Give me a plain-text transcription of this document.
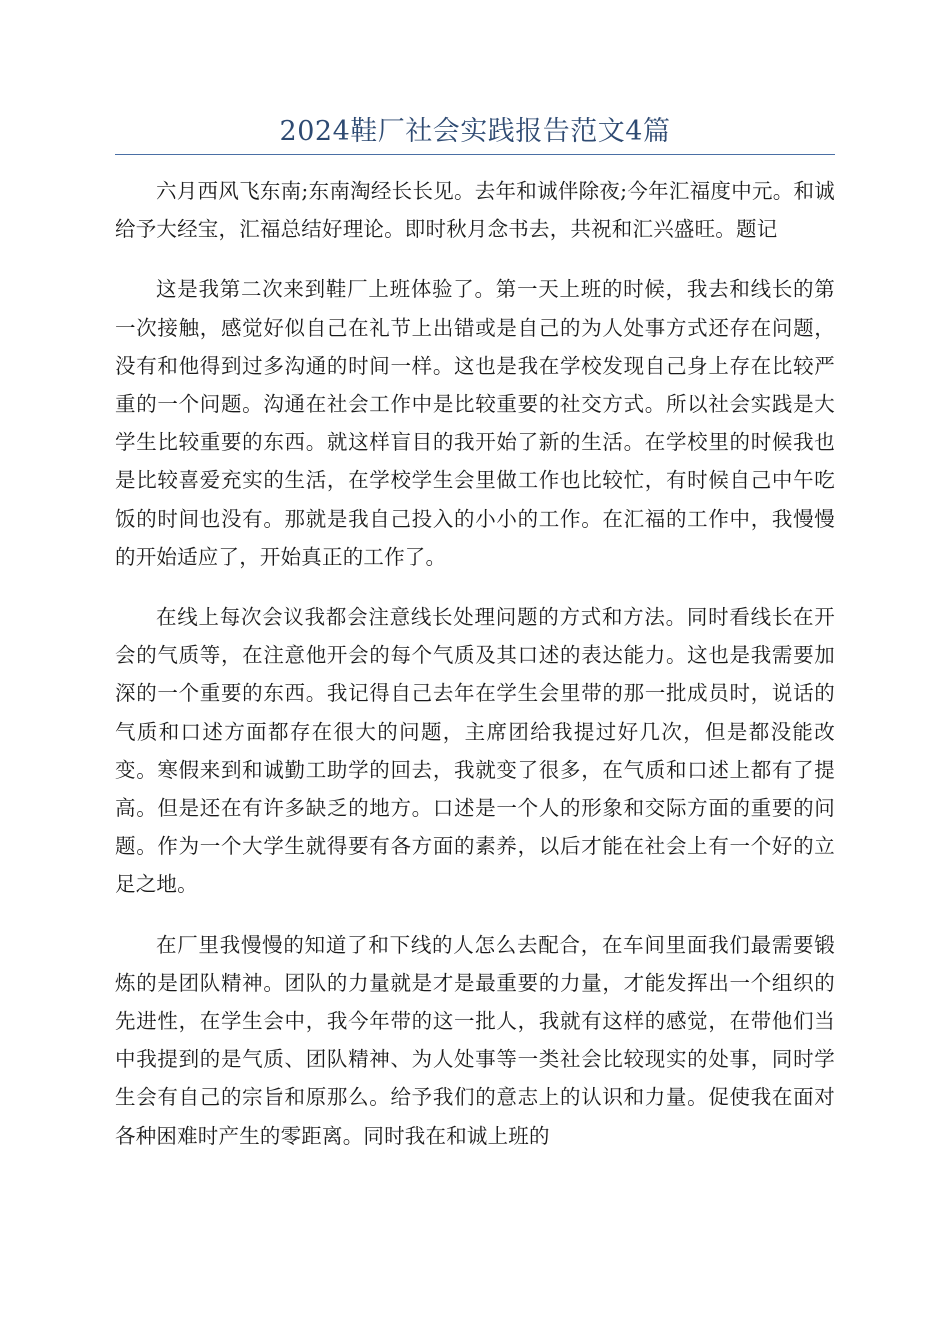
2024鞋厂社会实践报告范文4篇

六月西风飞东南;东南淘经长长见。去年和诚伴除夜;今年汇福度中元。和诚给予大经宝，汇福总结好理论。即时秋月念书去，共祝和汇兴盛旺。题记

这是我第二次来到鞋厂上班体验了。第一天上班的时候，我去和线长的第一次接触，感觉好似自己在礼节上出错或是自己的为人处事方式还存在问题，没有和他得到过多沟通的时间一样。这也是我在学校发现自己身上存在比较严重的一个问题。沟通在社会工作中是比较重要的社交方式。所以社会实践是大学生比较重要的东西。就这样盲目的我开始了新的生活。在学校里的时候我也是比较喜爱充实的生活，在学校学生会里做工作也比较忙，有时候自己中午吃饭的时间也没有。那就是我自己投入的小小的工作。在汇福的工作中，我慢慢的开始适应了，开始真正的工作了。

在线上每次会议我都会注意线长处理问题的方式和方法。同时看线长在开会的气质等，在注意他开会的每个气质及其口述的表达能力。这也是我需要加深的一个重要的东西。我记得自己去年在学生会里带的那一批成员时，说话的气质和口述方面都存在很大的问题，主席团给我提过好几次，但是都没能改变。寒假来到和诚勤工助学的回去，我就变了很多，在气质和口述上都有了提高。但是还在有许多缺乏的地方。口述是一个人的形象和交际方面的重要的问题。作为一个大学生就得要有各方面的素养，以后才能在社会上有一个好的立足之地。

在厂里我慢慢的知道了和下线的人怎么去配合，在车间里面我们最需要锻炼的是团队精神。团队的力量就是才是最重要的力量，才能发挥出一个组织的先进性，在学生会中，我今年带的这一批人，我就有这样的感觉，在带他们当中我提到的是气质、团队精神、为人处事等一类社会比较现实的处事，同时学生会有自己的宗旨和原那么。给予我们的意志上的认识和力量。促使我在面对各种困难时产生的零距离。同时我在和诚上班的
